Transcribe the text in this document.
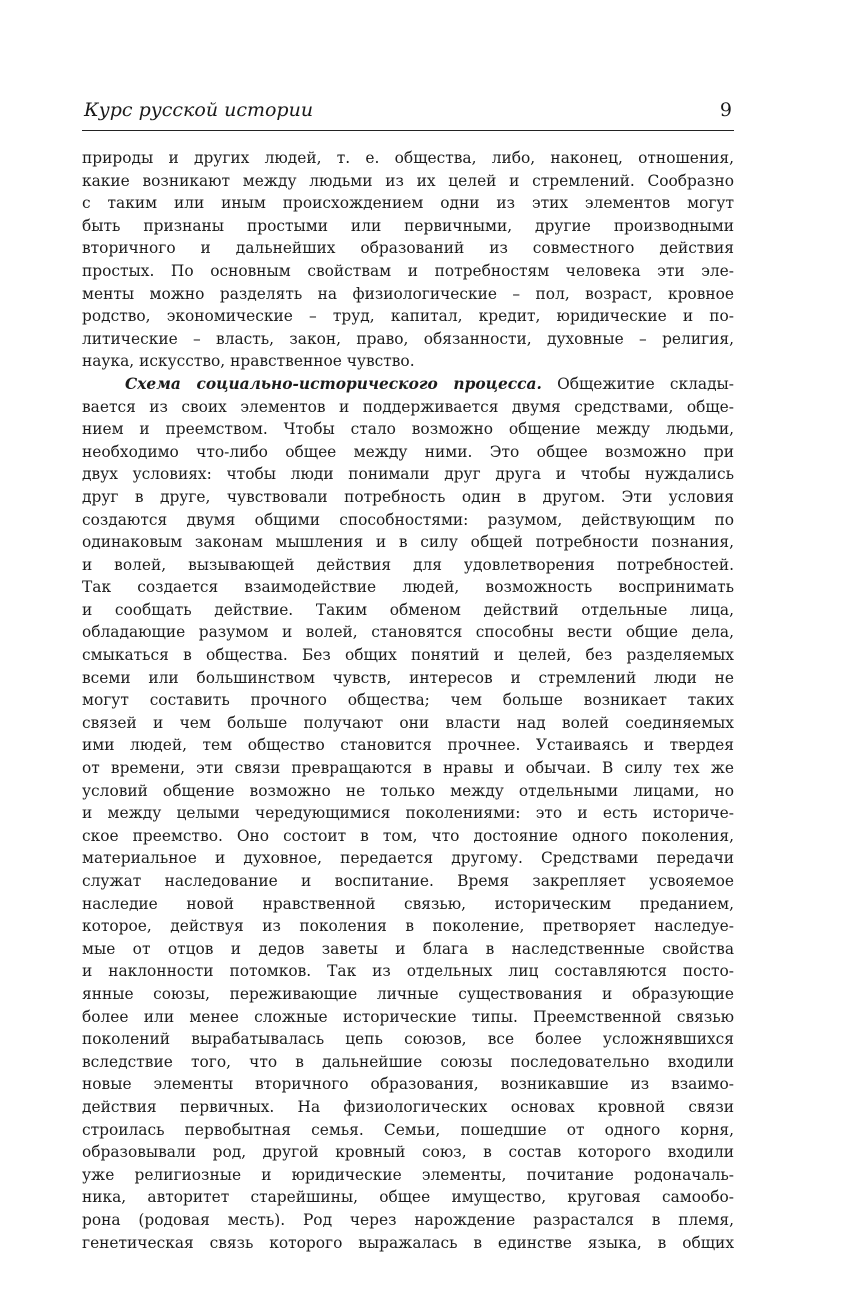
Курс русской истории	9
природы и других людей, т. е. общества, либо, наконец, отношения,
какие возникают между людьми из их целей и стремлений. Сообразно
с таким или иным происхождением одни из этих элементов могут
быть признаны простыми или первичными, другие производными
вторичного и дальнейших образований из совместного действия
простых. По основным свойствам и потребностям человека эти эле-
менты можно разделять на физиологические – пол, возраст, кровное
родство, экономические – труд, капитал, кредит, юридические и по-
литические – власть, закон, право, обязанности, духовные – религия,
наука, искусство, нравственное чувство.
Схема социально-исторического процесса. Общежитие склады-
вается из своих элементов и поддерживается двумя средствами, обще-
нием и преемством. Чтобы стало возможно общение между людьми,
необходимо что-либо общее между ними. Это общее возможно при
двух условиях: чтобы люди понимали друг друга и чтобы нуждались
друг в друге, чувствовали потребность один в другом. Эти условия
создаются двумя общими способностями: разумом, действующим по
одинаковым законам мышления и в силу общей потребности познания,
и волей, вызывающей действия для удовлетворения потребностей.
Так создается взаимодействие людей, возможность воспринимать
и сообщать действие. Таким обменом действий отдельные лица,
обладающие разумом и волей, становятся способны вести общие дела,
смыкаться в общества. Без общих понятий и целей, без разделяемых
всеми или большинством чувств, интересов и стремлений люди не
могут составить прочного общества; чем больше возникает таких
связей и чем больше получают они власти над волей соединяемых
ими людей, тем общество становится прочнее. Устаиваясь и твердея
от времени, эти связи превращаются в нравы и обычаи. В силу тех же
условий общение возможно не только между отдельными лицами, но
и между целыми чередующимися поколениями: это и есть историче-
ское преемство. Оно состоит в том, что достояние одного поколения,
материальное и духовное, передается другому. Средствами передачи
служат наследование и воспитание. Время закрепляет усвояемое
наследие новой нравственной связью, историческим преданием,
которое, действуя из поколения в поколение, претворяет наследуе-
мые от отцов и дедов заветы и блага в наследственные свойства
и наклонности потомков. Так из отдельных лиц составляются посто-
янные союзы, переживающие личные существования и образующие
более или менее сложные исторические типы. Преемственной связью
поколений вырабатывалась цепь союзов, все более усложнявшихся
вследствие того, что в дальнейшие союзы последовательно входили
новые элементы вторичного образования, возникавшие из взаимо-
действия первичных. На физиологических основах кровной связи
строилась первобытная семья. Семьи, пошедшие от одного корня,
образовывали род, другой кровный союз, в состав которого входили
уже религиозные и юридические элементы, почитание родоначаль-
ника, авторитет старейшины, общее имущество, круговая самообо-
рона (родовая месть). Род через нарождение разрастался в племя,
генетическая связь которого выражалась в единстве языка, в общих
